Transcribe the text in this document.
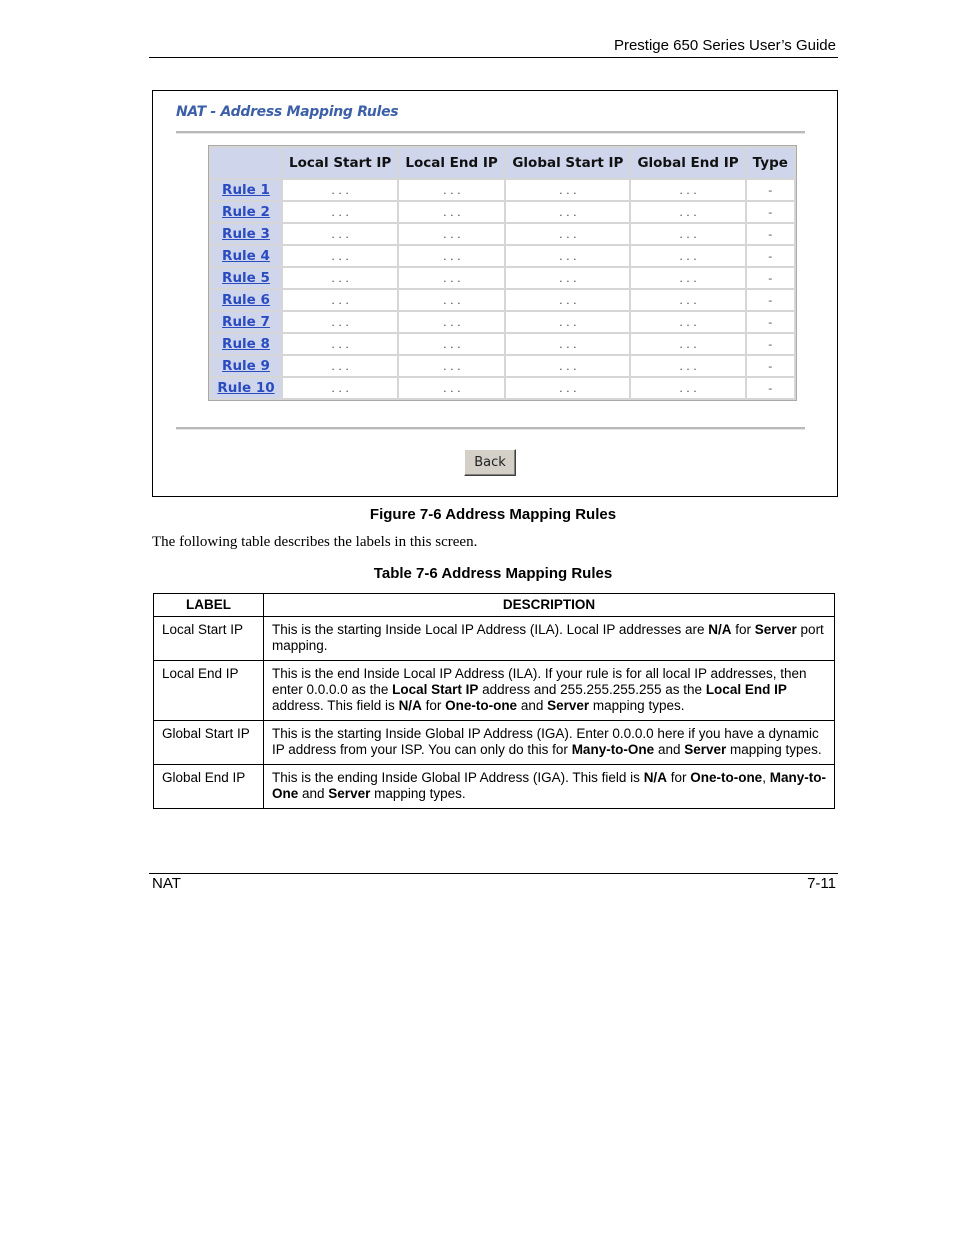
Prestige 650 Series User’s Guide
NAT - Address Mapping Rules
	Local Start IP	Local End IP	Global Start IP	Global End IP	Type
Rule 1	. . .	. . .	. . .	. . .	-
Rule 2	. . .	. . .	. . .	. . .	-
Rule 3	. . .	. . .	. . .	. . .	-
Rule 4	. . .	. . .	. . .	. . .	-
Rule 5	. . .	. . .	. . .	. . .	-
Rule 6	. . .	. . .	. . .	. . .	-
Rule 7	. . .	. . .	. . .	. . .	-
Rule 8	. . .	. . .	. . .	. . .	-
Rule 9	. . .	. . .	. . .	. . .	-
Rule 10	. . .	. . .	. . .	. . .	-
Back
Figure 7-6 Address Mapping Rules
The following table describes the labels in this screen.
Table 7-6 Address Mapping Rules
LABEL	DESCRIPTION
Local Start IP	This is the starting Inside Local IP Address (ILA). Local IP addresses are N/A for Server port mapping.
Local End IP	This is the end Inside Local IP Address (ILA). If your rule is for all local IP addresses, then enter 0.0.0.0 as the Local Start IP address and 255.255.255.255 as the Local End IP address. This field is N/A for One-to-one and Server mapping types.
Global Start IP	This is the starting Inside Global IP Address (IGA). Enter 0.0.0.0 here if you have a dynamic IP address from your ISP. You can only do this for Many-to-One and Server mapping types.
Global End IP	This is the ending Inside Global IP Address (IGA). This field is N/A for One-to-one, Many-to-One and Server mapping types.
NAT	7-11
